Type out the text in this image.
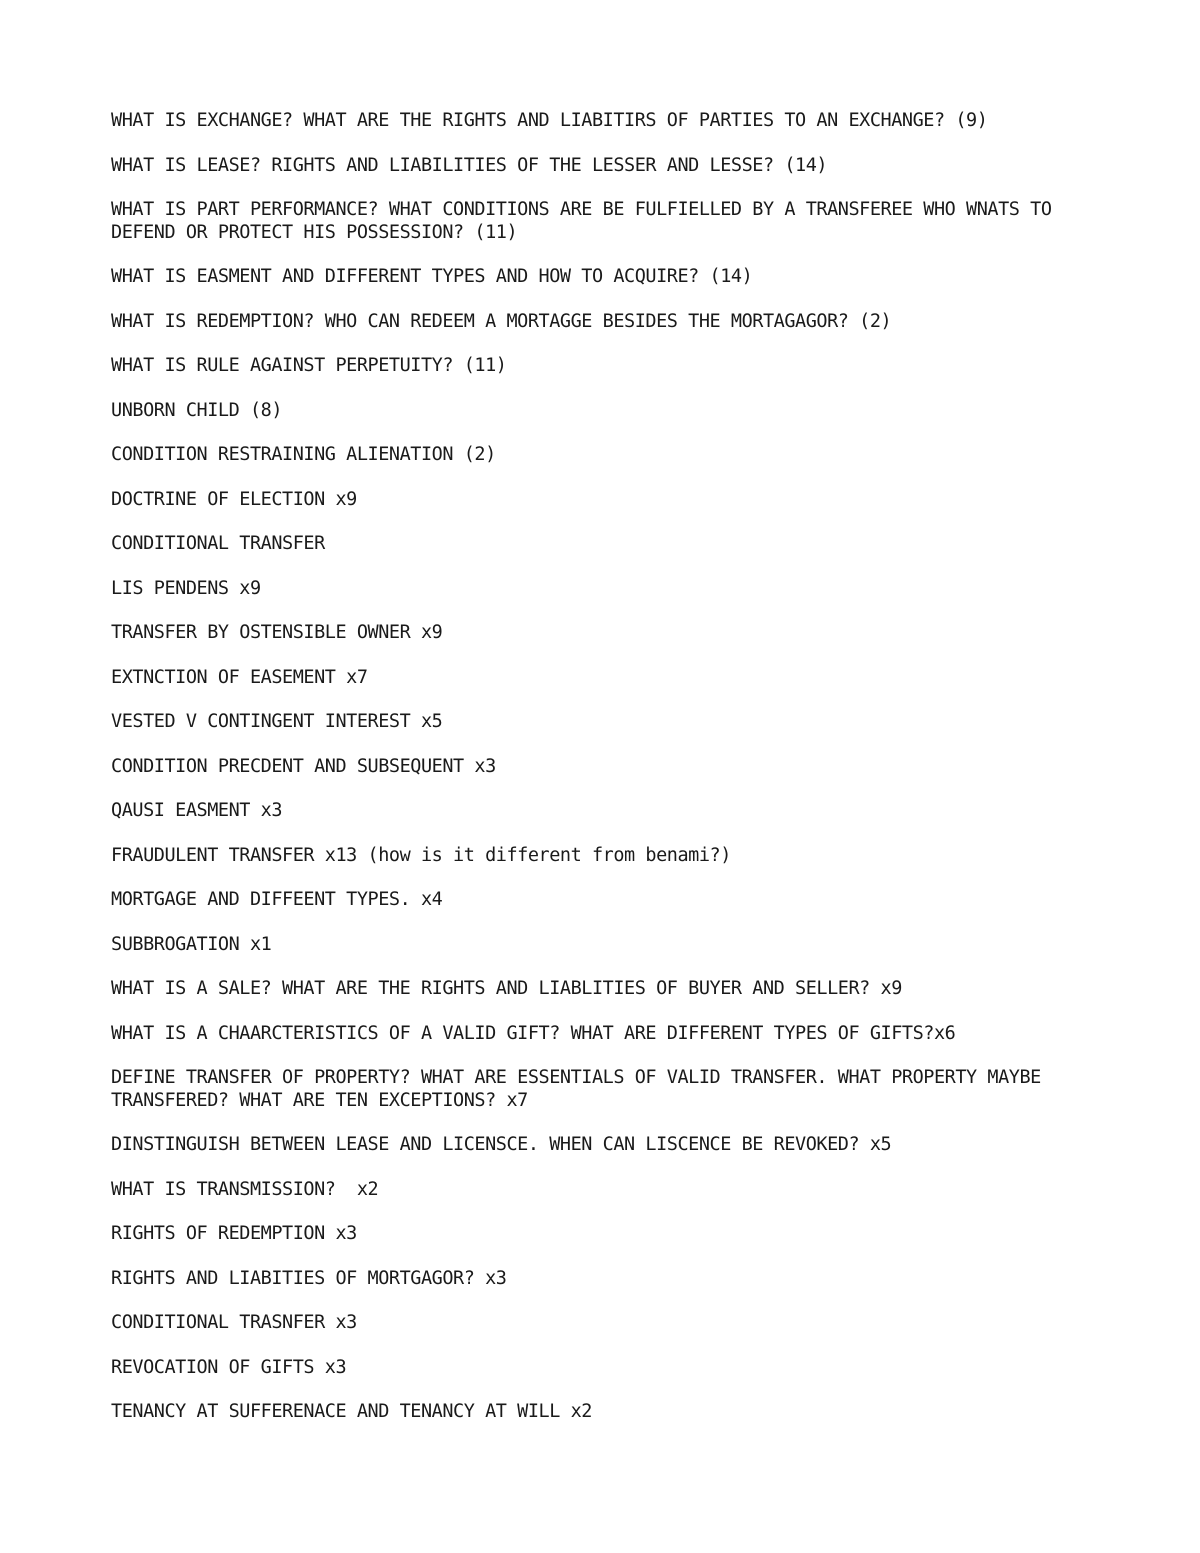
WHAT IS EXCHANGE? WHAT ARE THE RIGHTS AND LIABITIRS OF PARTIES TO AN EXCHANGE? (9)
WHAT IS LEASE? RIGHTS AND LIABILITIES OF THE LESSER AND LESSE? (14)
WHAT IS PART PERFORMANCE? WHAT CONDITIONS ARE BE FULFIELLED BY A TRANSFEREE WHO WNATS TO DEFEND OR PROTECT HIS POSSESSION? (11)
WHAT IS EASMENT AND DIFFERENT TYPES AND HOW TO ACQUIRE? (14)
WHAT IS REDEMPTION? WHO CAN REDEEM A MORTAGGE BESIDES THE MORTAGAGOR? (2)
WHAT IS RULE AGAINST PERPETUITY? (11)
UNBORN CHILD (8)
CONDITION RESTRAINING ALIENATION (2)
DOCTRINE OF ELECTION x9
CONDITIONAL TRANSFER
LIS PENDENS x9
TRANSFER BY OSTENSIBLE OWNER x9
EXTNCTION OF EASEMENT x7
VESTED V CONTINGENT INTEREST x5
CONDITION PRECDENT AND SUBSEQUENT x3
QAUSI EASMENT x3
FRAUDULENT TRANSFER x13 (how is it different from benami?)
MORTGAGE AND DIFFEENT TYPES. x4
SUBBROGATION x1
WHAT IS A SALE? WHAT ARE THE RIGHTS AND LIABLITIES OF BUYER AND SELLER? x9
WHAT IS A CHAARCTERISTICS OF A VALID GIFT? WHAT ARE DIFFERENT TYPES OF GIFTS?x6
DEFINE TRANSFER OF PROPERTY? WHAT ARE ESSENTIALS OF VALID TRANSFER. WHAT PROPERTY MAYBE TRANSFERED? WHAT ARE TEN EXCEPTIONS? x7
DINSTINGUISH BETWEEN LEASE AND LICENSCE. WHEN CAN LISCENCE BE REVOKED? x5
WHAT IS TRANSMISSION?  x2
RIGHTS OF REDEMPTION x3
RIGHTS AND LIABITIES OF MORTGAGOR? x3
CONDITIONAL TRASNFER x3
REVOCATION OF GIFTS x3
TENANCY AT SUFFERENACE AND TENANCY AT WILL x2
